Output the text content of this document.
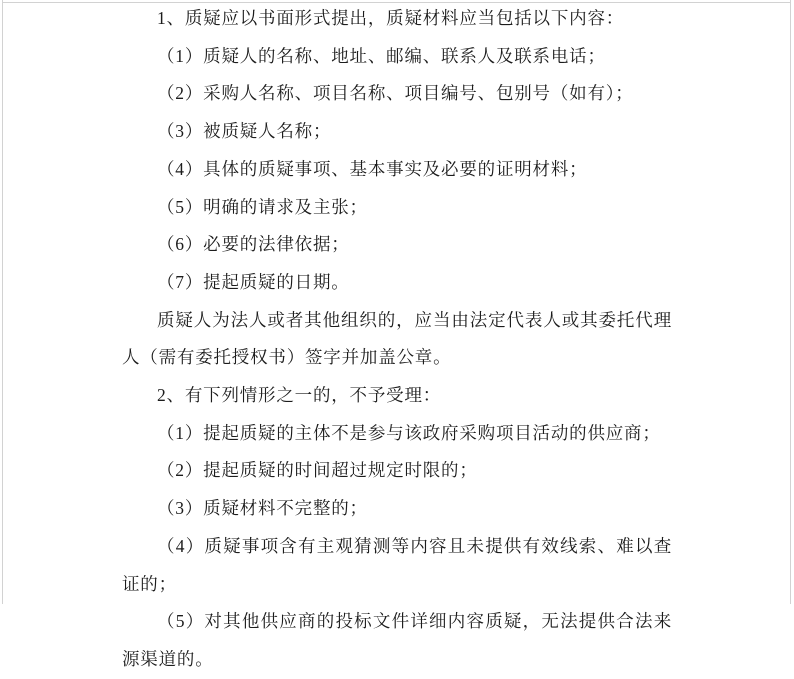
1、质疑应以书面形式提出，质疑材料应当包括以下内容：

（1）质疑人的名称、地址、邮编、联系人及联系电话；

（2）采购人名称、项目名称、项目编号、包别号（如有）；

（3）被质疑人名称；

（4）具体的质疑事项、基本事实及必要的证明材料；

（5）明确的请求及主张；

（6）必要的法律依据；

（7）提起质疑的日期。

质疑人为法人或者其他组织的，应当由法定代表人或其委托代理人（需有委托授权书）签字并加盖公章。

2、有下列情形之一的，不予受理：

（1）提起质疑的主体不是参与该政府采购项目活动的供应商；

（2）提起质疑的时间超过规定时限的；

（3）质疑材料不完整的；

（4）质疑事项含有主观猜测等内容且未提供有效线索、难以查证的；

（5）对其他供应商的投标文件详细内容质疑，无法提供合法来源渠道的。
